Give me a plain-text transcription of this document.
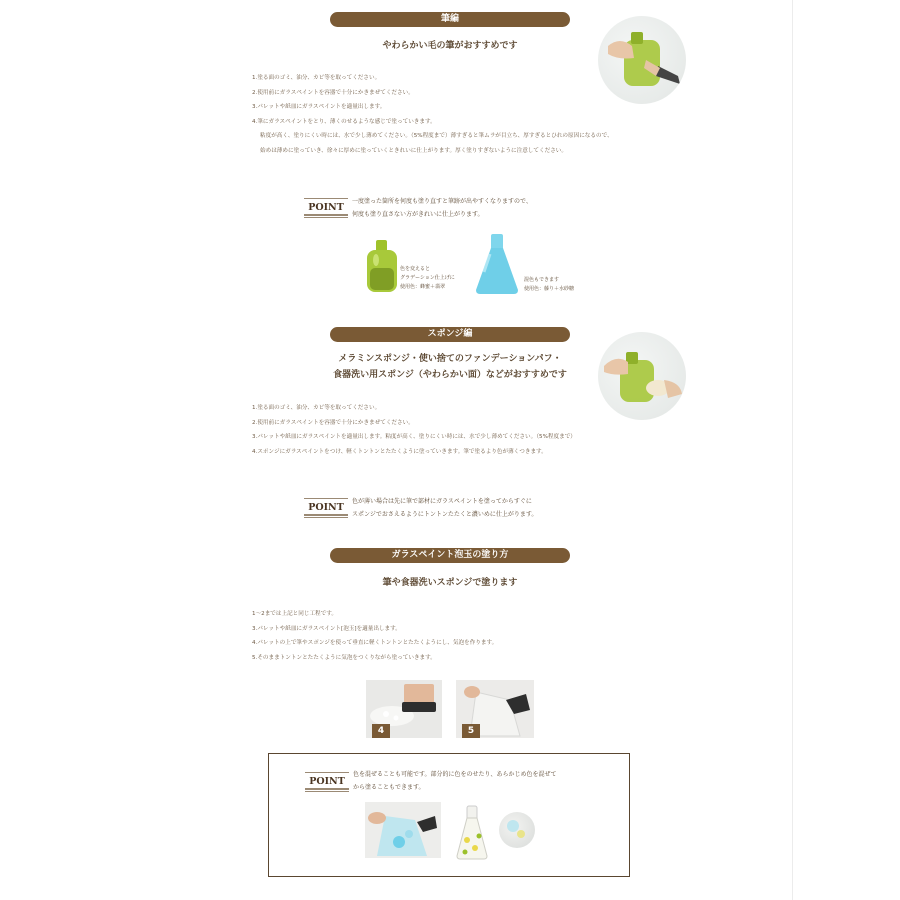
筆編
やわらかい毛の筆がおすすめです
1.塗る面のゴミ、油分、カビ等を取ってください。
2.使用前にガラスペイントを容器で十分にかきまぜてください。
3.パレットや紙皿にガラスペイントを適量出します。
4.筆にガラスペイントをとり、薄くのせるような感じで塗っていきます。
粘度が高く、塗りにくい時には、水で少し薄めてください。（5%程度まで）薄すぎると筆ムラが目立ち、厚すぎるとひれの原因になるので、
始めは薄めに塗っていき、徐々に厚めに塗っていくときれいに仕上がります。厚く塗りすぎないように注意してください。
POINT
一度塗った箇所を何度も塗り直すと筆跡が出やすくなりますので、
何度も塗り直さない方がきれいに仕上がります。
色を変えると
グラデーション仕上げに
使用色：蜂蜜＋翡翠
混色もできます
使用色：藤り＋水砂糖
スポンジ編
メラミンスポンジ・使い捨てのファンデーションパフ・
食器洗い用スポンジ（やわらかい面）などがおすすめです
1.塗る面のゴミ、油分、カビ等を取ってください。
2.使用前にガラスペイントを容器で十分にかきまぜてください。
3.パレットや紙皿にガラスペイントを適量出します。粘度が高く、塗りにくい時には、水で少し薄めてください。（5%程度まで）
4.スポンジにガラスペイントをつけ、軽くトントンとたたくように塗っていきます。筆で塗るより色が薄くつきます。
POINT
色が薄い場合は先に筆で部材にガラスペイントを塗ってからすぐに
スポンジでおさえるようにトントンたたくと濃いめに仕上がります。
ガラスペイント泡玉の塗り方
筆や食器洗いスポンジで塗ります
1～2までは上記と同じ工程です。
3.パレットや紙皿にガラスペイント[泡玉]を適量出します。
4.パレットの上で筆やスポンジを使って垂直に軽くトントンとたたくようにし、気泡を作ります。
5.そのままトントンとたたくように気泡をつくりながら塗っていきます。
4	5
POINT
色を混ぜることも可能です。部分的に色をのせたり、あらかじめ色を混ぜて
から塗ることもできます。
